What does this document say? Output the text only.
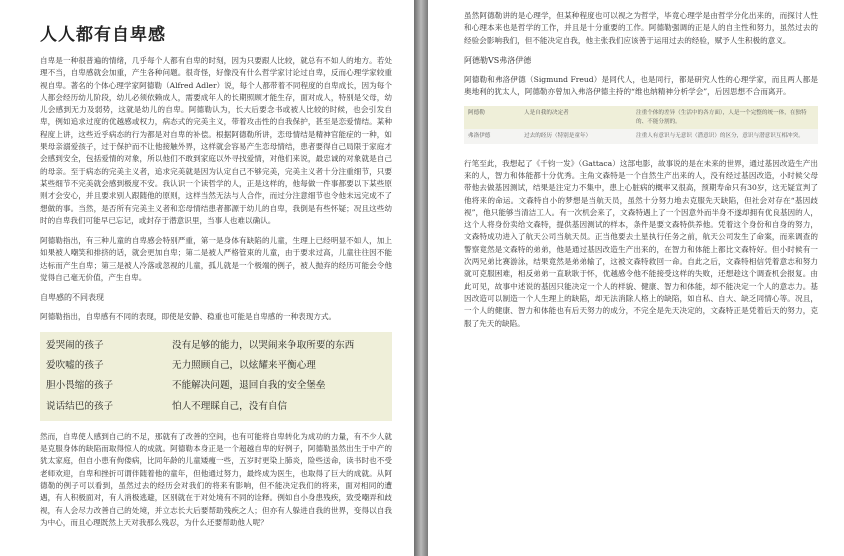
人人都有自卑感

自卑是一种很普遍的情绪，几乎每个人都有自卑的时刻，因为只要跟人比较，就总有不如人的地方。若处理不当，自卑感就会加重，产生各种问题。很奇怪，好像没有什么哲学家讨论过自卑，反而心理学家较重视自卑。著名的个体心理学家阿德勒（Alfred Adler）说，每个人都带着不同程度的自卑成长，因为每个人都会经历幼儿阶段，幼儿必须依赖成人，需要成年人的长期照顾才能生存，面对成人，特别是父母，幼儿会感到无力及弱势，这就是幼儿的自卑。阿德勒认为，长大后要念书或被人比较的时候，也会引发自卑，例如追求过度的优越感或权力，病态式的完美主义，带着攻击性的自我保护，甚至是恋爱情结。某种程度上讲，这些近乎病态的行为都是对自卑的补偿。根据阿德勒所讲，恋母情结是精神官能症的一种，如果母亲溺爱孩子，过于保护而不让他接触外界，这样就会容易产生恋母情结，患者要得自己局限于家庭才会感到安全，包括爱情的对象，所以他们不敢到家庭以外寻找爱情，对他们来说，最忠诚的对象就是自己的母亲。至于病态的完美主义者，追求完美就是因为认定自己不够完美，完美主义者十分注重细节，只要某些细节不完美就会感到极度不安。我认识一个读哲学的人，正是这样的，他每做一件事都要以下某些原则才会安心，并且要求别人跟随他的原则，这样当然无法与人合作，而过分注意细节也令他未远完成不了想做的事。当然，是否所有完美主义者和恋母情结患者都源于幼儿的自卑，我倒是有些怀疑；况且这些幼时的自卑我们可能早已忘记，或封存于潜意识里，当事人也难以确认。

阿德勒指出，有三种儿童的自卑感会特别严重，第一是身体有缺陷的儿童，生理上已经明显不如人，加上如果被人嘲笑和排挤的话，就会更加自卑；第二是被人严格管束的儿童，由于要求过高，儿童往往因不能达标而产生自卑；第三是被人冷落或忽视的儿童，孤儿就是一个极端的例子，被人抛弃的经历可能会令他觉得自己毫无价值，产生自卑。

自卑感的不同表现

阿德勒指出，自卑感有不同的表现，即使是安静、稳重也可能是自卑感的一种表现方式。

爱哭闹的孩子	没有足够的能力，以哭闹来争取所要的东西
爱吹嘘的孩子	无力照顾自己，以炫耀来平衡心理
胆小畏缩的孩子	不能解决问题，退回自我的安全堡垒
说话结巴的孩子	怕人不理睬自己，没有自信

然而，自卑使人感到自己的不足，那就有了改善的空间，也有可能将自卑转化为成功的力量，有不少人就是克服身体的缺陷而取得惊人的成就。阿德勒本身正是一个超越自卑的好例子，阿德勒虽然出生于中产的犹太家庭，但自小患有佝偻病，比同年龄的儿童矮瘦一些，五岁时更染上肺炎，险些送命，读书时也不受老师欢迎，自卑和挫折可谓伴随着他的童年，但他通过努力，最终成为医生，也取得了巨大的成就。从阿德勒的例子可以看到，虽然过去的经历会对我们的将来有影响，但不能决定我们的将来，面对相同的遭遇，有人积极面对，有人消极逃避，区别就在于对处境有不同的诠释。例如自小身患残疾，致受嘲弄和歧视，有人会尽力改善自己的处境，并立志长大后要帮助残疾之人；但亦有人躲进自我的世界，变得以自我为中心，而且心理既然上天对我那么残忍，为什么还要帮助他人呢？

虽然阿德勒讲的是心理学，但某种程度也可以视之为哲学，毕竟心理学是由哲学分化出来的，而探讨人性和心理本来也是哲学的工作，并且是十分重要的工作。阿德勒强调的正是人的自主性和努力，虽然过去的经验会影响我们，但不能决定自我，他主张我们应该善于运用过去的经验，赋予人生积极的意义。

阿德勒VS弗洛伊德

阿德勒和弗洛伊德（Sigmund Freud）是同代人，也是同行，都是研究人性的心理学家，而且两人都是奥地利的犹太人，阿德勒亦曾加入弗洛伊德主持的“维也纳精神分析学会”，后因思想不合而离开。

阿德勒	人是自我的决定者	注重个体的差异（生活中的各方面），人是一个完整的统一体，在独特的、不能分割的。
弗洛伊德	过去的经历（特别是童年）	注重人有意识与无意识（潜意识）的区分，意识与潜意识互相冲突。

行笔至此，我想起了《千钧一发》（Gattaca）这部电影，故事说的是在未来的世界，通过基因改造生产出来的人，智力和体能都十分优秀。主角文森特是一个自然生产出来的人，没有经过基因改造，小时候父母带他去做基因测试，结果是注定力不集中，患上心脏病的概率又很高，预期寿命只有30岁，这无疑宣判了他将来的命运。文森特自小的梦想是当航天员，虽然十分努力地去克服先天缺陷，但社会对存在“基因歧视”，他只能够当清洁工人。有一次机会来了，文森特遇上了一个因意外而半身不遂却拥有优良基因的人，这个人将身份卖给文森特，提供基因测试的样本，条件是要文森特供养他。凭着这个身份和自身的努力，文森特成功进入了航天公司当航天员。正当他要去土星执行任务之前，航天公司发生了命案，而来调查的警察竟然是文森特的弟弟，他是通过基因改造生产出来的，在智力和体能上都比文森特好。但小时候有一次两兄弟比赛游泳，结果竟然是弟弟输了，这被文森特救回一命。自此之后，文森特相信凭着意志和努力就可克服困难，相反弟弟一直耿耿于怀，优越感令他不能接受这样的失败，还想趁这个调查机会报复。由此可见，故事中述说的基因只能决定一个人的样貌、健康、智力和体能，却不能决定一个人的意志力。基因改造可以制造一个人生理上的缺陷，却无法消除人格上的缺陷，如自私、自大、缺乏同情心等。况且，一个人的健康、智力和体能也有后天努力的成分，不完全是先天决定的，文森特正是凭着后天的努力，克服了先天的缺陷。
